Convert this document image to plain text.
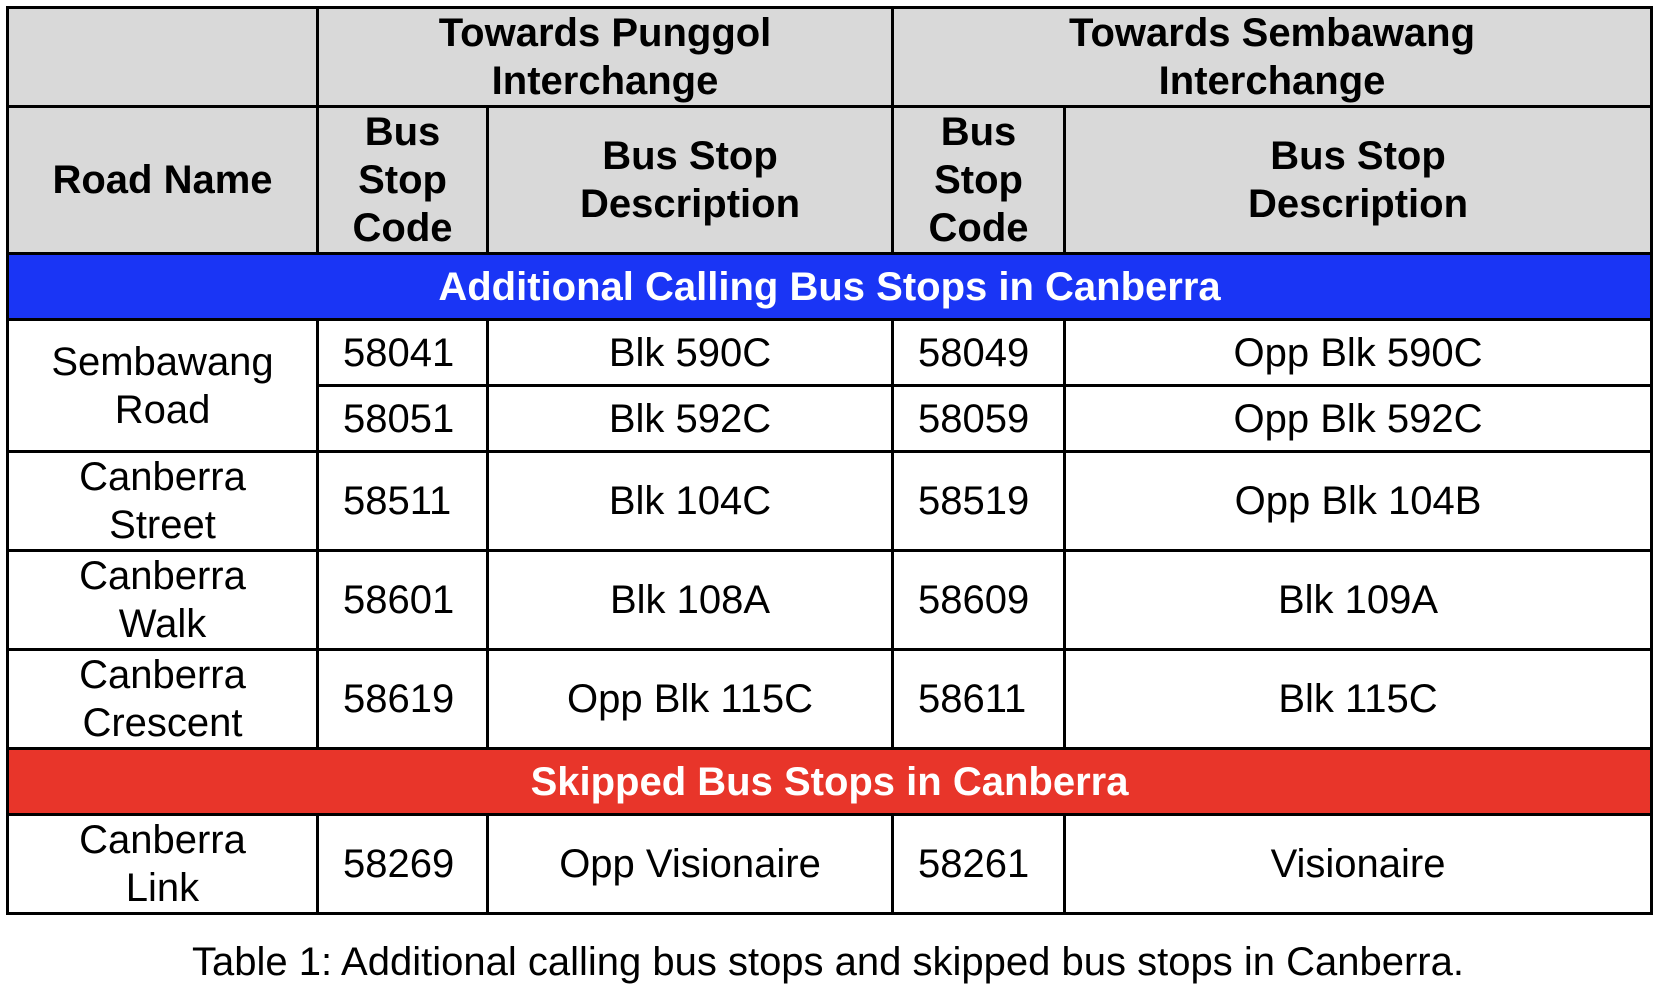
	Towards Punggol Interchange		Towards Sembawang Interchange	
Road Name	Bus Stop Code	Bus Stop Description	Bus Stop Code	Bus Stop Description
Additional Calling Bus Stops in Canberra				
Sembawang Road	58041	Blk 590C	58049	Opp Blk 590C
	58051	Blk 592C	58059	Opp Blk 592C
Canberra Street	58511	Blk 104C	58519	Opp Blk 104B
Canberra Walk	58601	Blk 108A	58609	Blk 109A
Canberra Crescent	58619	Opp Blk 115C	58611	Blk 115C
Skipped Bus Stops in Canberra				
Canberra Link	58269	Opp Visionaire	58261	Visionaire
Table 1: Additional calling bus stops and skipped bus stops in Canberra.
